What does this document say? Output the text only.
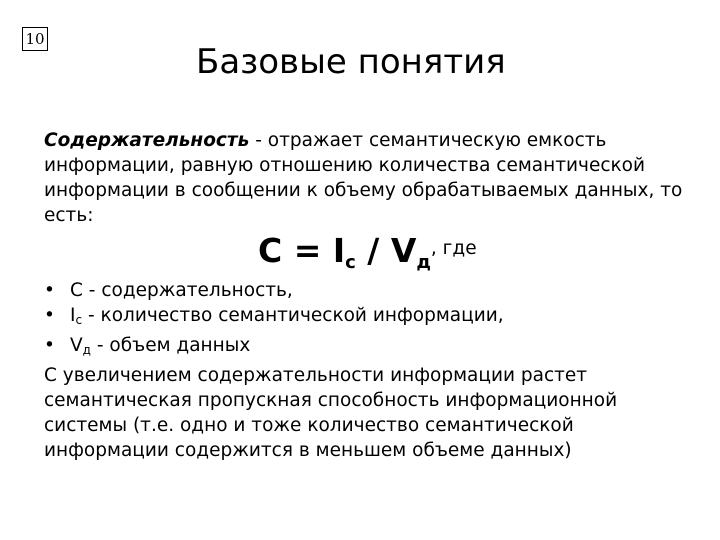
10
Базовые понятия

Содержательность - отражает семантическую емкость информации, равную отношению количества семантической информации в сообщении к объему обрабатываемых данных, то есть:

$С = I_с / V_д$, где
• С - содержательность,
• $I_c$ - количество семантической информации,
• $V_д$ - объем данных

С увеличением содержательности информации растет семантическая пропускная способность информационной системы (т.е. одно и тоже количество семантической информации содержится в меньшем объеме данных)
